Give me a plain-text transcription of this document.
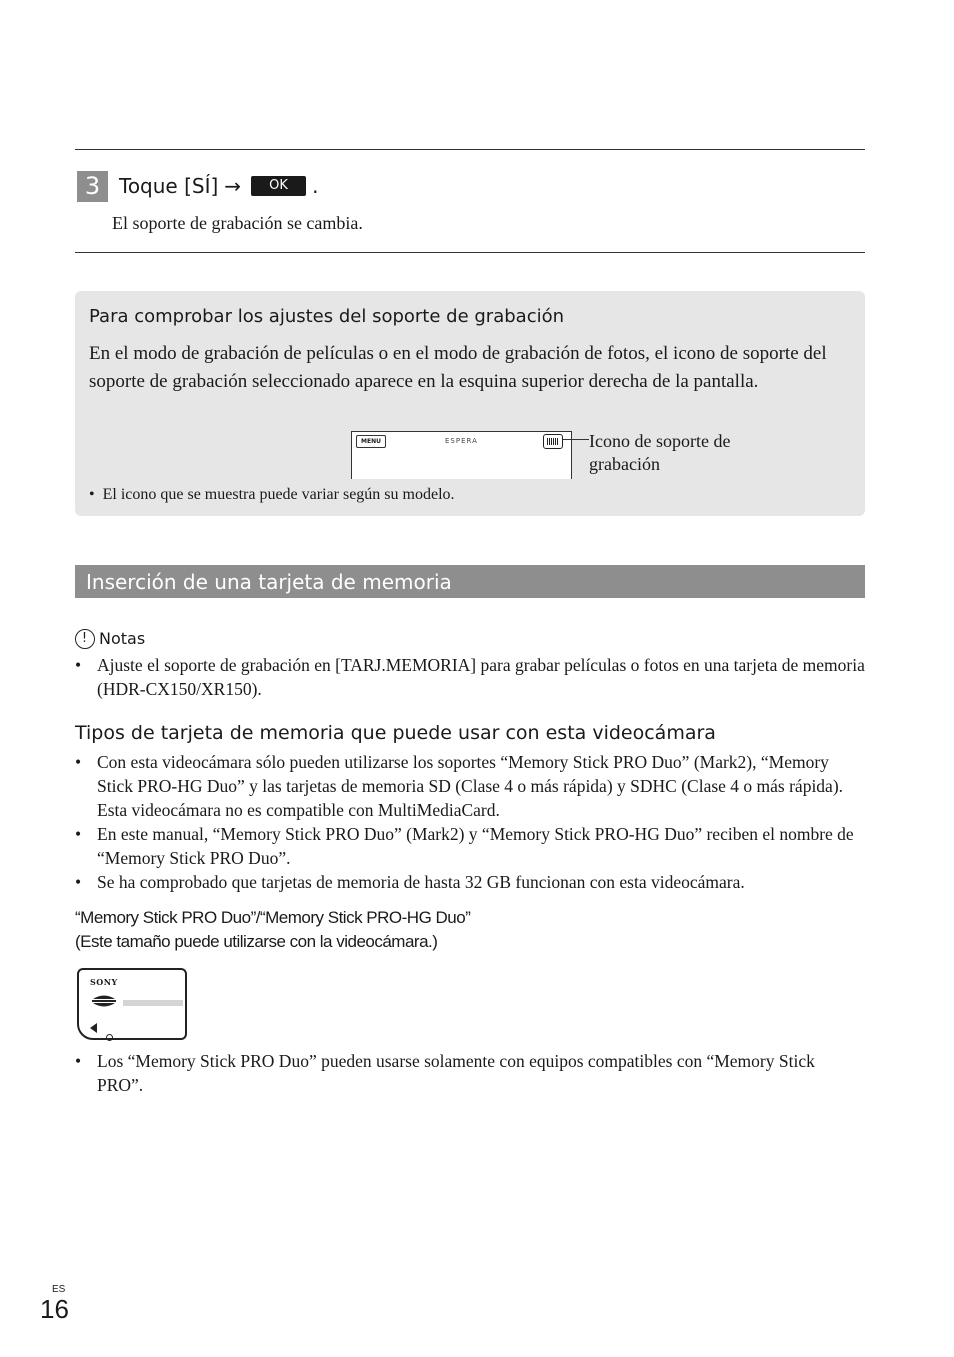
3 Toque [SÍ] →	OK	.
El soporte de grabación se cambia.
Para comprobar los ajustes del soporte de grabación
En el modo de grabación de películas o en el modo de grabación de fotos, el icono de soporte del soporte de grabación seleccionado aparece en la esquina superior derecha de la pantalla.
MENU	ESPERA	Icono de soporte de grabación
• El icono que se muestra puede variar según su modelo.
Inserción de una tarjeta de memoria
! Notas
• Ajuste el soporte de grabación en [TARJ.MEMORIA] para grabar películas o fotos en una tarjeta de memoria (HDR-CX150/XR150).
Tipos de tarjeta de memoria que puede usar con esta videocámara
• Con esta videocámara sólo pueden utilizarse los soportes “Memory Stick PRO Duo” (Mark2), “Memory Stick PRO-HG Duo” y las tarjetas de memoria SD (Clase 4 o más rápida) y SDHC (Clase 4 o más rápida). Esta videocámara no es compatible con MultiMediaCard.
• En este manual, “Memory Stick PRO Duo” (Mark2) y “Memory Stick PRO-HG Duo” reciben el nombre de “Memory Stick PRO Duo”.
• Se ha comprobado que tarjetas de memoria de hasta 32 GB funcionan con esta videocámara.
“Memory Stick PRO Duo”/“Memory Stick PRO-HG Duo”
(Este tamaño puede utilizarse con la videocámara.)
SONY
• Los “Memory Stick PRO Duo” pueden usarse solamente con equipos compatibles con “Memory Stick PRO”.
ES
16
